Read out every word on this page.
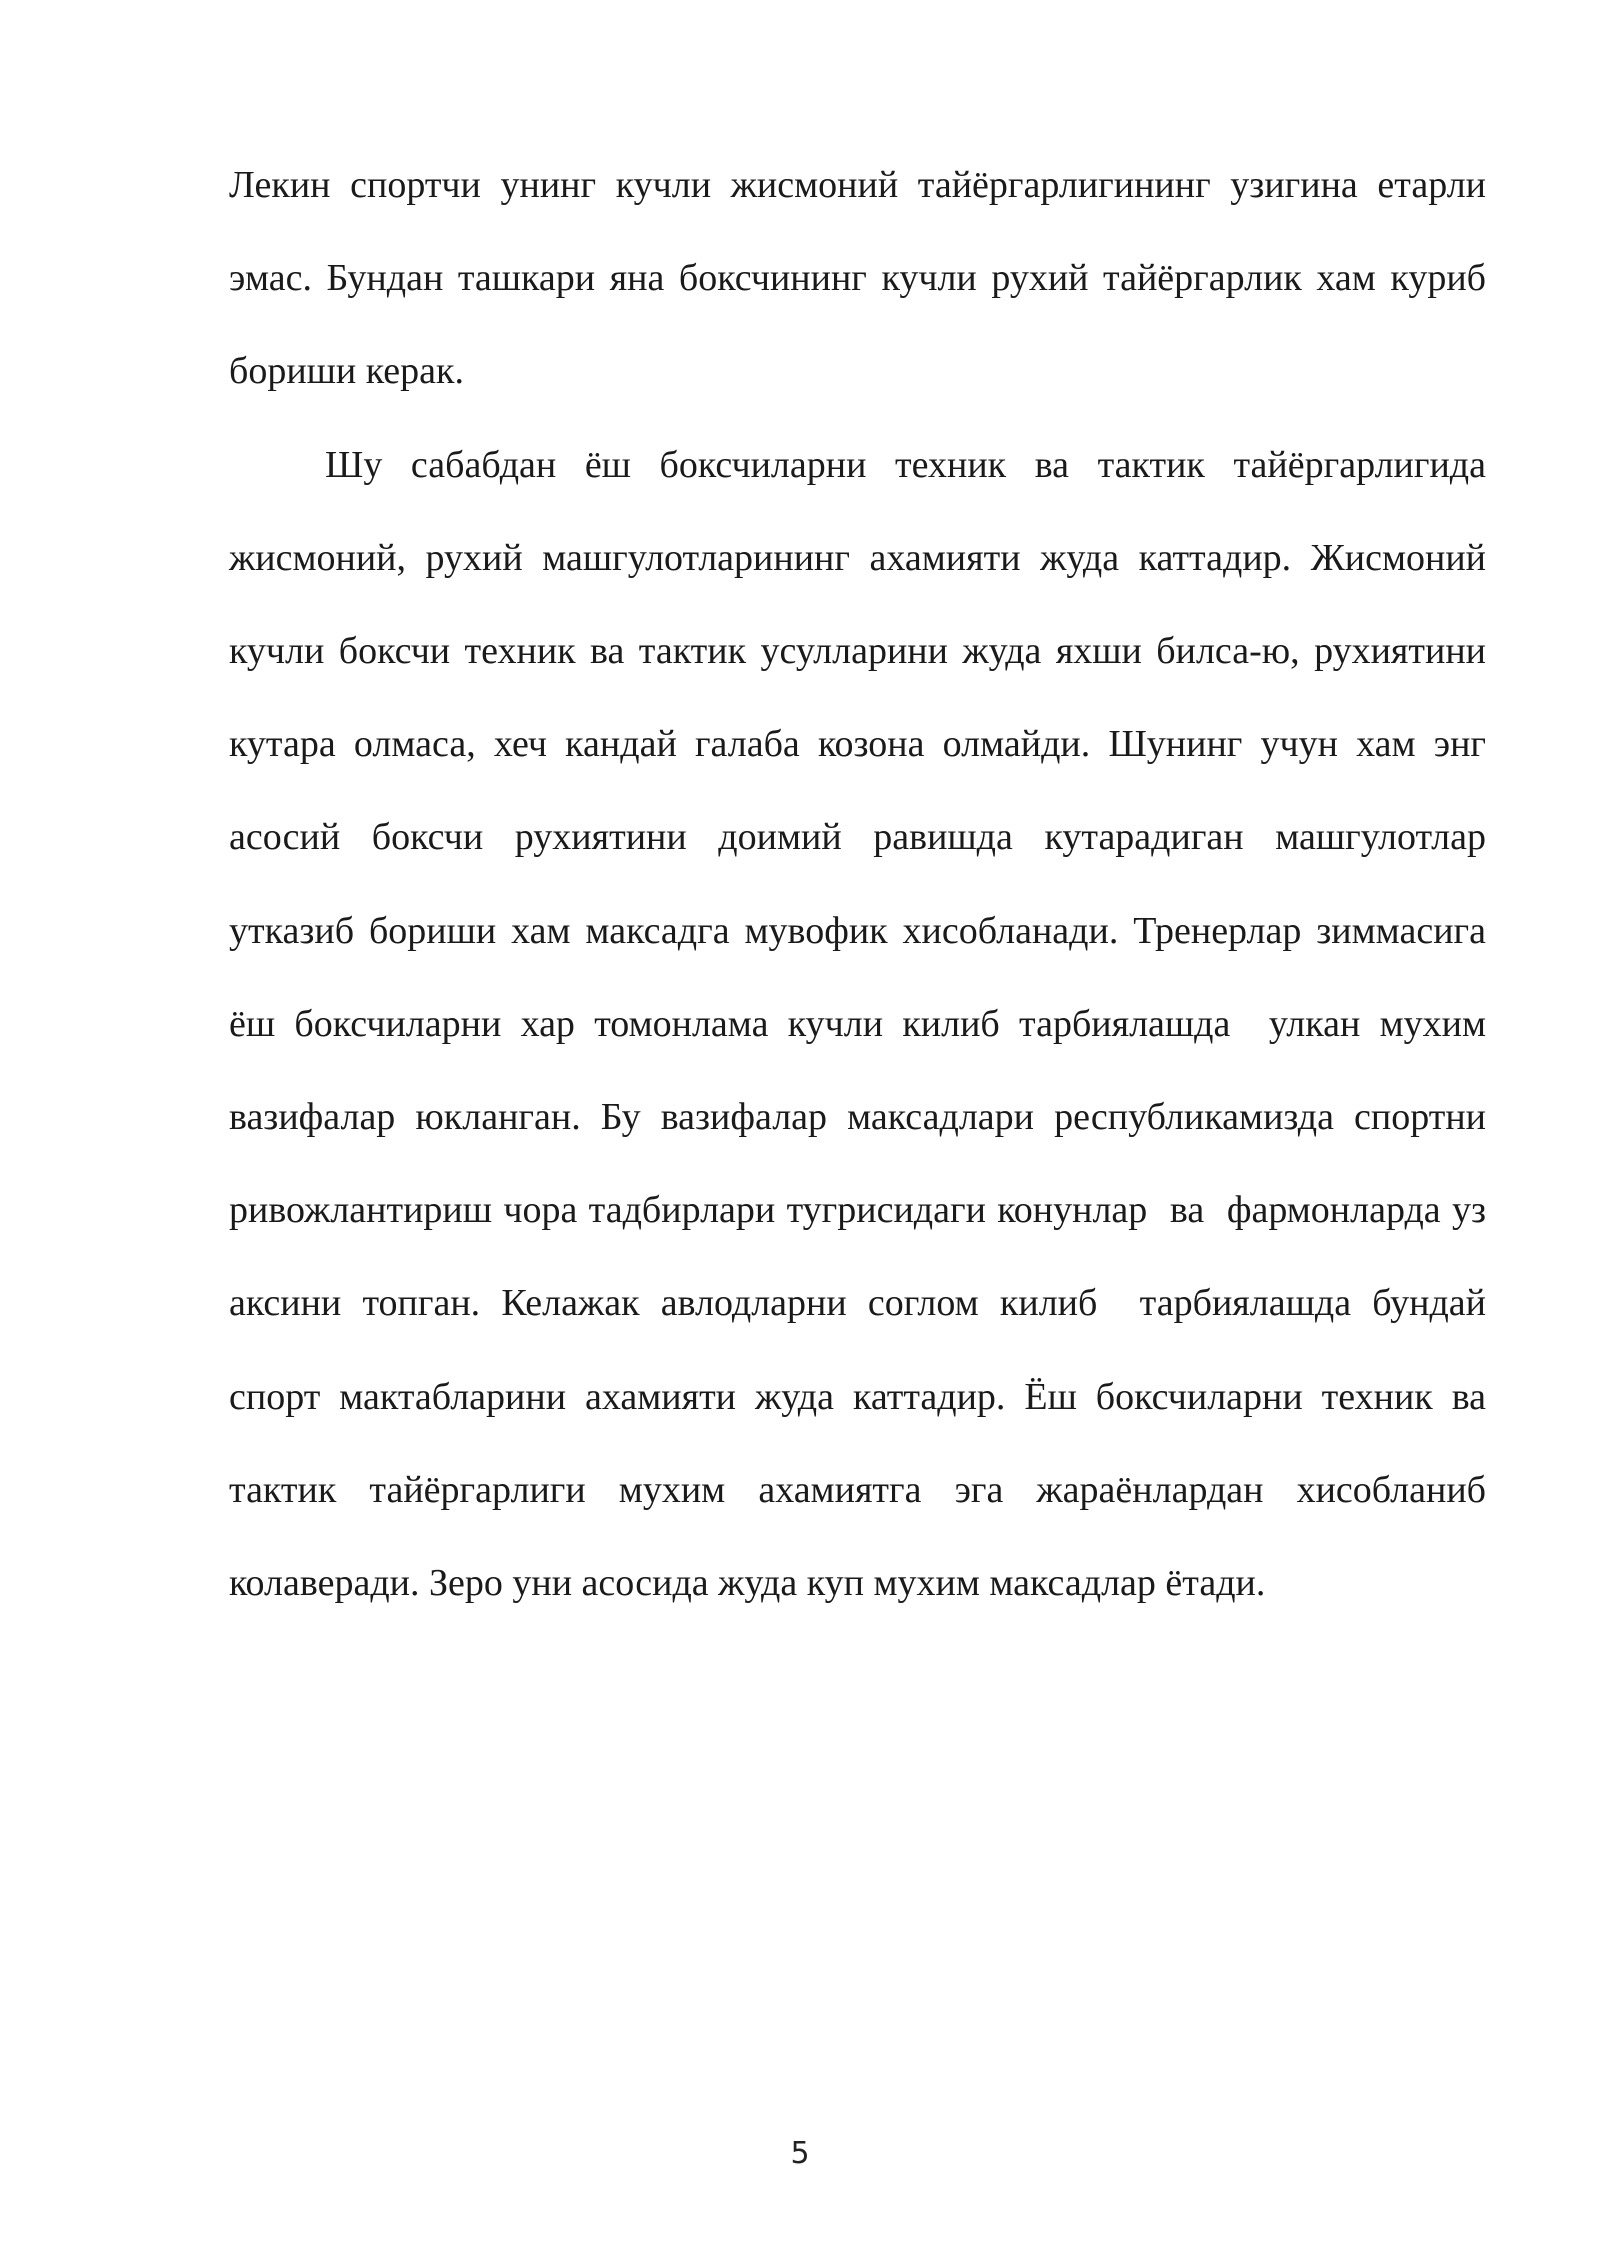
Лекин спортчи унинг кучли жисмоний тайёргарлигининг узигина етарли эмас. Бундан ташкари яна боксчининг кучли рухий тайёргарлик хам куриб бориши керак.

Шу сабабдан ёш боксчиларни техник ва тактик тайёргарлигида жисмоний, рухий машгулотларининг ахамияти жуда каттадир. Жисмоний кучли боксчи техник ва тактик усулларини жуда яхши билса-ю, рухиятини кутара олмаса, хеч кандай галаба козона олмайди. Шунинг учун хам энг асосий боксчи рухиятини доимий равишда кутарадиган машгулотлар утказиб бориши хам максадга мувофик хисобланади. Тренерлар зиммасига ёш боксчиларни хар томонлама кучли килиб тарбиялашда  улкан мухим вазифалар юкланган. Бу вазифалар максадлари республикамизда спортни ривожлантириш чора тадбирлари тугрисидаги конунлар  ва  фармонларда уз аксини топган. Келажак авлодларни соглом килиб  тарбиялашда бундай спорт мактабларини ахамияти жуда каттадир. Ёш боксчиларни техник ва тактик тайёргарлиги мухим ахамиятга эга жараёнлардан хисобланиб колаверади. Зеро уни асосида жуда куп мухим максадлар ётади.

5
